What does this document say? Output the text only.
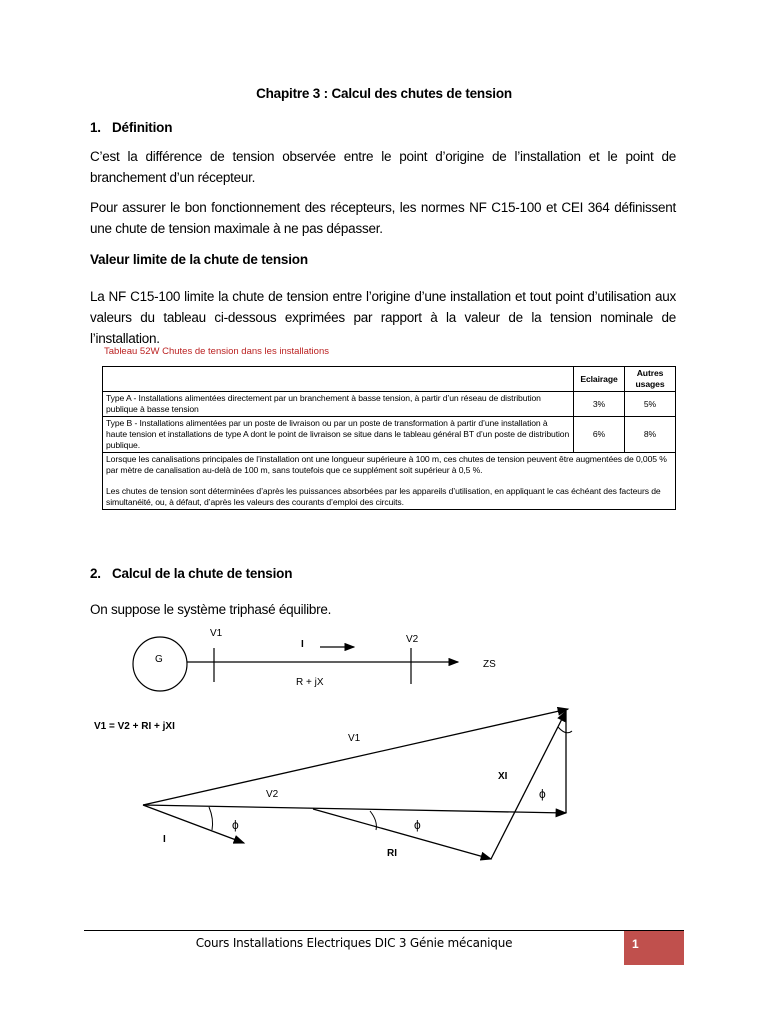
Chapitre 3 : Calcul des chutes de tension
1. Définition
C’est la différence de tension observée entre le point d’origine de l’installation et le point de branchement d’un récepteur.
Pour assurer le bon fonctionnement des récepteurs, les normes NF C15-100 et CEI 364 définissent une chute de tension maximale à ne pas dépasser.
Valeur limite de la chute de tension
La NF C15-100 limite la chute de tension entre l’origine d’une installation et tout point d’utilisation aux valeurs du tableau ci-dessous exprimées par rapport à la valeur de la tension nominale de l’installation.
Tableau 52W Chutes de tension dans les installations
	Eclairage	Autres usages
Type A - Installations alimentées directement par un branchement à basse tension, à partir d’un réseau de distribution publique à basse tension	3%	5%
Type B - Installations alimentées par un poste de livraison ou par un poste de transformation à partir d’une installation à haute tension et installations de type A dont le point de livraison se situe dans le tableau général BT d’un poste de distribution publique.	6%	8%

Lorsque les canalisations principales de l’installation ont une longueur supérieure à 100 m, ces chutes de tension peuvent être augmentées de 0,005 % par mètre de canalisation au-delà de 100 m, sans toutefois que ce supplément soit supérieur à 0,5 %.
Les chutes de tension sont déterminées d’après les puissances absorbées par les appareils d’utilisation, en appliquant le cas échéant des facteurs de simultanéité, ou, à défaut, d’après les valeurs des courants d’emploi des circuits.		
2. Calcul de la chute de tension
On suppose le système triphasé équilibre.
G
V1
V2
I
R + jX
ZS
V1 = V2 + RI + jXI
V1
V2
XI
RI
I
ϕ	ϕ
ϕ
Cours Installations Electriques DIC 3 Génie mécanique	1
